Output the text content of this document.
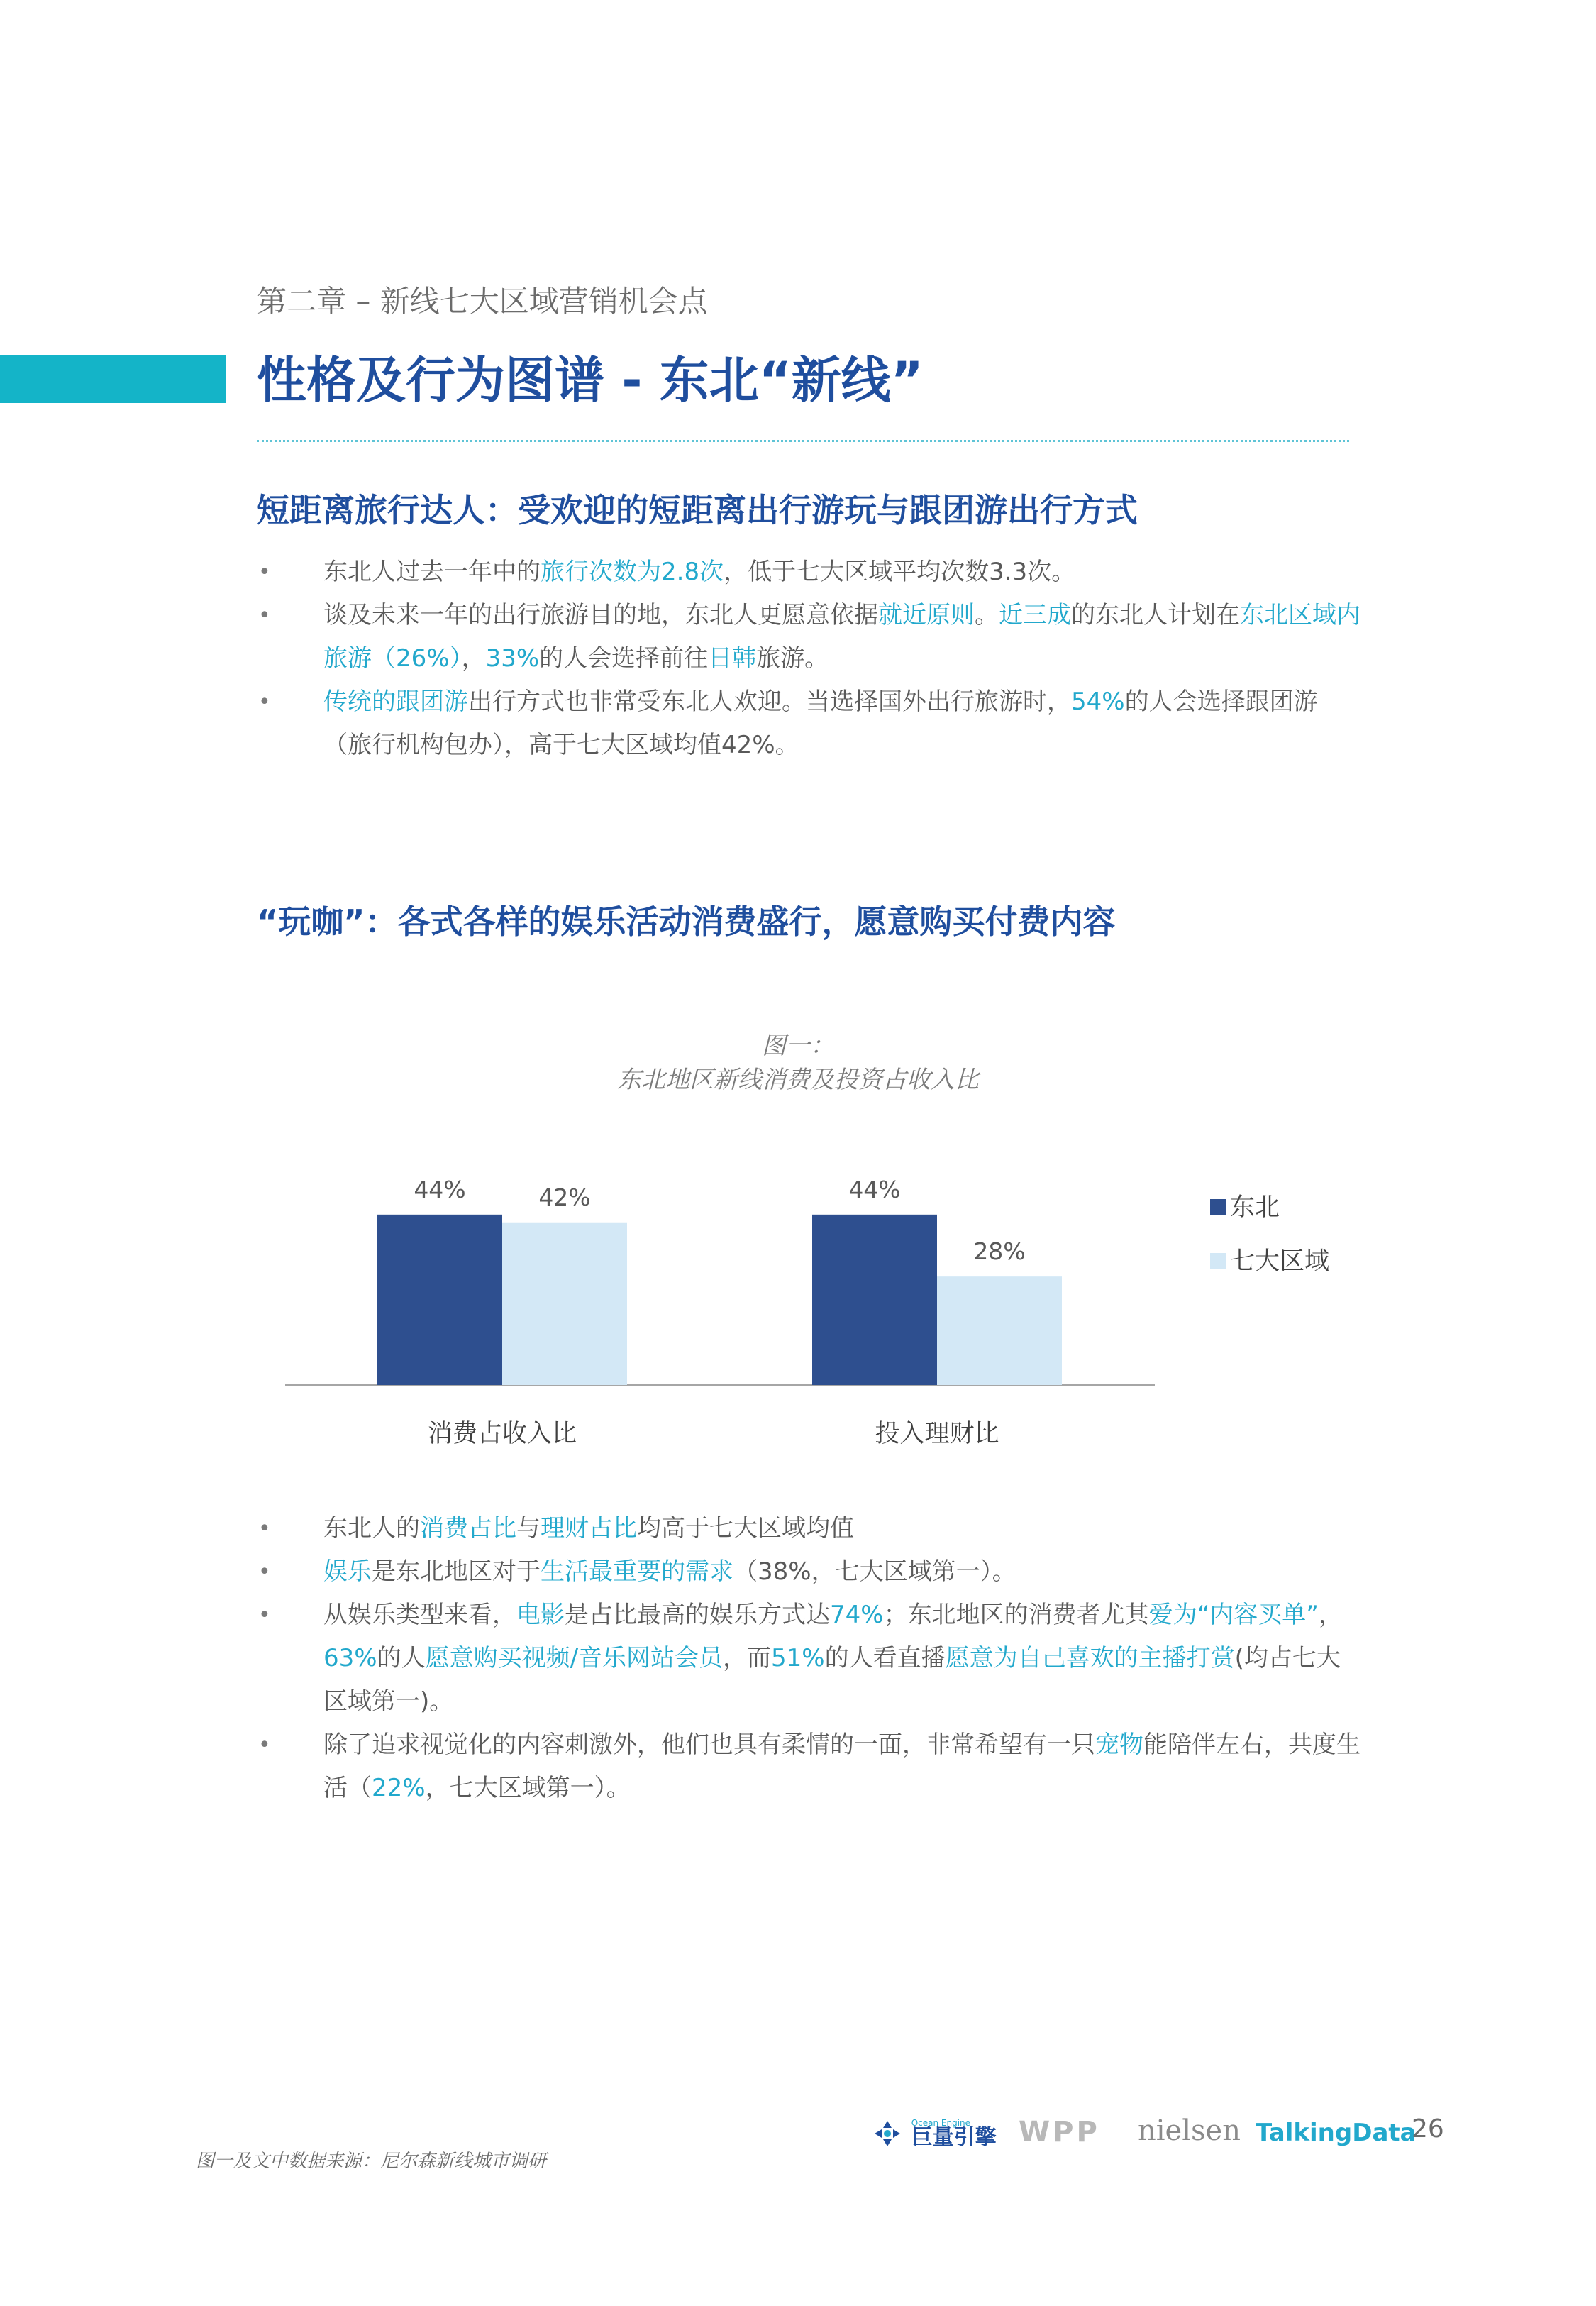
第二章 – 新线七大区域营销机会点
性格及行为图谱 - 东北“新线”
短距离旅行达人：受欢迎的短距离出行游玩与跟团游出行方式
• 东北人过去一年中的旅行次数为2.8次，低于七大区域平均次数3.3次。
• 谈及未来一年的出行旅游目的地，东北人更愿意依据就近原则。近三成的东北人计划在东北区域内旅游（26%），33%的人会选择前往日韩旅游。
• 传统的跟团游出行方式也非常受东北人欢迎。当选择国外出行旅游时，54%的人会选择跟团游（旅行机构包办），高于七大区域均值42%。
“玩咖”：各式各样的娱乐活动消费盛行，愿意购买付费内容
图一：
东北地区新线消费及投资占收入比
44%	42%
消费占收入比
44%
28%
投入理财比
东北
七大区域
• 东北人的消费占比与理财占比均高于七大区域均值
• 娱乐是东北地区对于生活最重要的需求（38%，七大区域第一）。
• 从娱乐类型来看，电影是占比最高的娱乐方式达74%；东北地区的消费者尤其爱为“内容买单”，63%的人愿意购买视频/音乐网站会员，而51%的人看直播愿意为自己喜欢的主播打赏(均占七大区域第一)。
• 除了追求视觉化的内容刺激外，他们也具有柔情的一面，非常希望有一只宠物能陪伴左右，共度生活（22%，七大区域第一）。
图一及文中数据来源：尼尔森新线城市调研

Ocean Engine
巨量引擎 WPP nielsen TalkingData
26
